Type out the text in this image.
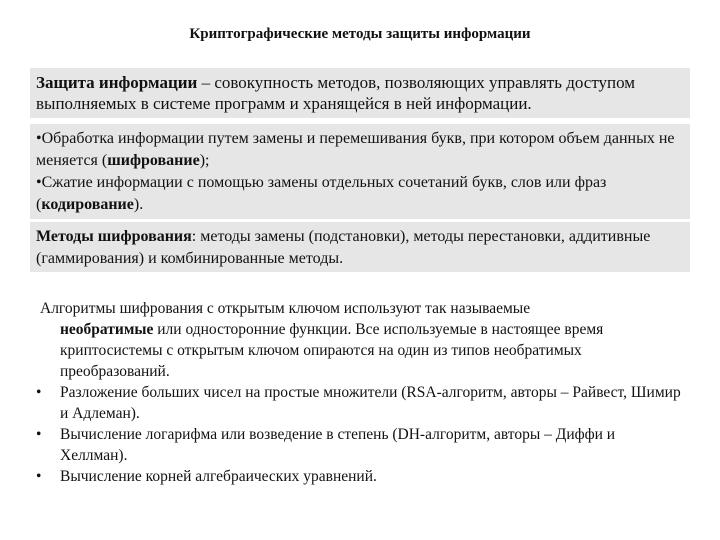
Криптографические методы защиты информации
Защита информации – совокупность методов, позволяющих управлять доступом выполняемых в системе программ и хранящейся в ней информации.
•Обработка информации путем замены и перемешивания букв, при котором объем данных не меняется (шифрование);
•Сжатие информации с помощью замены отдельных сочетаний букв, слов или фраз (кодирование).
Методы шифрования: методы замены (подстановки), методы перестановки, аддитивные (гаммирования) и комбинированные методы.

Алгоритмы шифрования с открытым ключом используют так называемые
необратимые или односторонние функции. Все используемые в настоящее время криптосистемы с открытым ключом опираются на один из типов необратимых преобразований.

• Разложение больших чисел на простые множители (RSA-алгоритм, авторы – Райвест, Шимир и Адлеман).
• Вычисление логарифма или возведение в степень (DH-алгоритм, авторы – Диффи и Хеллман).
• Вычисление корней алгебраических уравнений.
